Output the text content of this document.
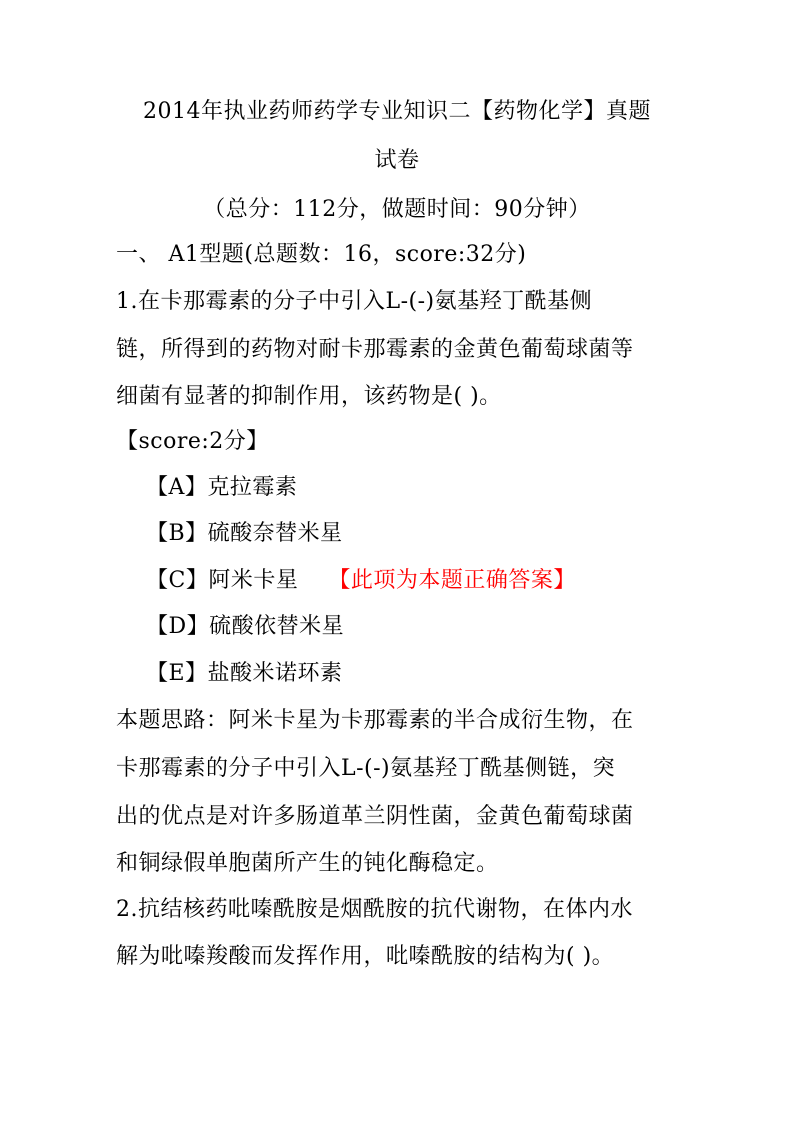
2014年执业药师药学专业知识二【药物化学】真题
试卷
（总分：112分，做题时间：90分钟）
一、 A1型题(总题数：16，score:32分)
1.在卡那霉素的分子中引入L-(-)氨基羟丁酰基侧
链，所得到的药物对耐卡那霉素的金黄色葡萄球菌等
细菌有显著的抑制作用，该药物是( )。
【score:2分】
【A】克拉霉素
【B】硫酸奈替米星
【C】阿米卡星 【此项为本题正确答案】
【D】硫酸依替米星
【E】盐酸米诺环素
本题思路：阿米卡星为卡那霉素的半合成衍生物，在
卡那霉素的分子中引入L-(-)氨基羟丁酰基侧链，突
出的优点是对许多肠道革兰阴性菌，金黄色葡萄球菌
和铜绿假单胞菌所产生的钝化酶稳定。
2.抗结核药吡嗪酰胺是烟酰胺的抗代谢物，在体内水
解为吡嗪羧酸而发挥作用，吡嗪酰胺的结构为( )。
